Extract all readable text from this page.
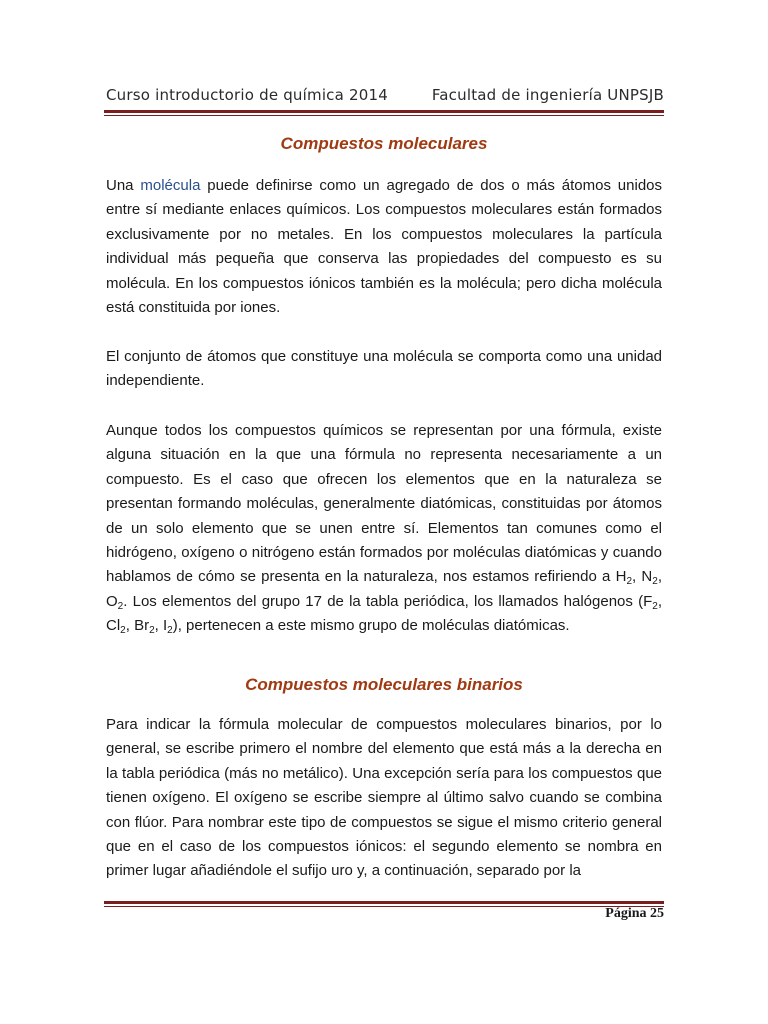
Curso introductorio de química 2014	Facultad de ingeniería UNPSJB
Compuestos moleculares

Una molécula puede definirse como un agregado de dos o más átomos unidos entre sí mediante enlaces químicos. Los compuestos moleculares están formados exclusivamente por no metales. En los compuestos moleculares la partícula individual más pequeña que conserva las propiedades del compuesto es su molécula. En los compuestos iónicos también es la molécula; pero dicha molécula está constituida por iones.

El conjunto de átomos que constituye una molécula se comporta como una unidad independiente.

Aunque todos los compuestos químicos se representan por una fórmula, existe alguna situación en la que una fórmula no representa necesariamente a un compuesto. Es el caso que ofrecen los elementos que en la naturaleza se presentan formando moléculas, generalmente diatómicas, constituidas por átomos de un solo elemento que se unen entre sí. Elementos tan comunes como el hidrógeno, oxígeno o nitrógeno están formados por moléculas diatómicas y cuando hablamos de cómo se presenta en la naturaleza, nos estamos refiriendo a $H_2$, $N_2$, $O_2$. Los elementos del grupo 17 de la tabla periódica, los llamados halógenos ($F_2$, $Cl_2$, $Br_2$, $I_2$), pertenecen a este mismo grupo de moléculas diatómicas.

Compuestos moleculares binarios

Para indicar la fórmula molecular de compuestos moleculares binarios, por lo general, se escribe primero el nombre del elemento que está más a la derecha en la tabla periódica (más no metálico). Una excepción sería para los compuestos que tienen oxígeno. El oxígeno se escribe siempre al último salvo cuando se combina con flúor. Para nombrar este tipo de compuestos se sigue el mismo criterio general que en el caso de los compuestos iónicos: el segundo elemento se nombra en primer lugar añadiéndole el sufijo uro y, a continuación, separado por la

Página 25
